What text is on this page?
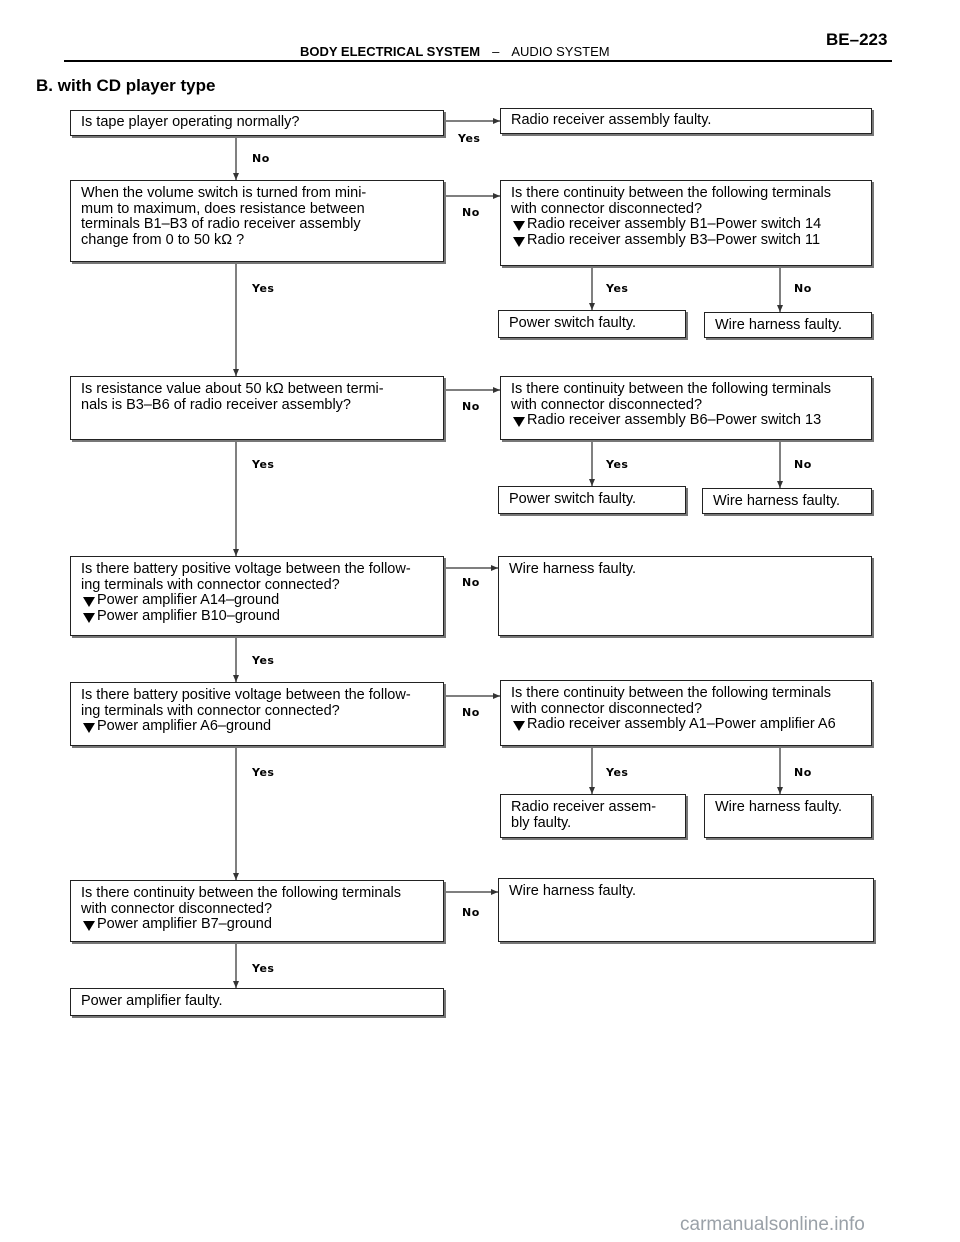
BODY ELECTRICAL SYSTEM – AUDIO SYSTEM
BE–223
B. with CD player type
Is tape player operating normally?	Radio receiver assembly faulty.
When the volume switch is turned from mini-
mum to maximum, does resistance between
terminals B1–B3 of radio receiver assembly
change from 0 to 50 kΩ ?
Is there continuity between the following terminals
with connector disconnected?
Radio receiver assembly B1–Power switch 14
Radio receiver assembly B3–Power switch 11
Power switch faulty.	Wire harness faulty.
Is resistance value about 50 kΩ between termi-
nals is B3–B6 of radio receiver assembly?
Is there continuity between the following terminals
with connector disconnected?
Radio receiver assembly B6–Power switch 13
Power switch faulty.	Wire harness faulty.
Is there battery positive voltage between the follow-
ing terminals with connector connected?
Power amplifier A14–ground
Power amplifier B10–ground
Wire harness faulty.
Is there battery positive voltage between the follow-
ing terminals with connector connected?
Power amplifier A6–ground
Is there continuity between the following terminals
with connector disconnected?
Radio receiver assembly A1–Power amplifier A6
Radio receiver assem-
bly faulty.
Wire harness faulty.
Is there continuity between the following terminals
with connector disconnected?
Power amplifier B7–ground
Wire harness faulty.
Power amplifier faulty.
Yes
No
No
Yes	Yes	No
No
Yes	Yes	No
No
Yes
No
Yes	Yes	No
No
Yes
carmanualsonline.info
